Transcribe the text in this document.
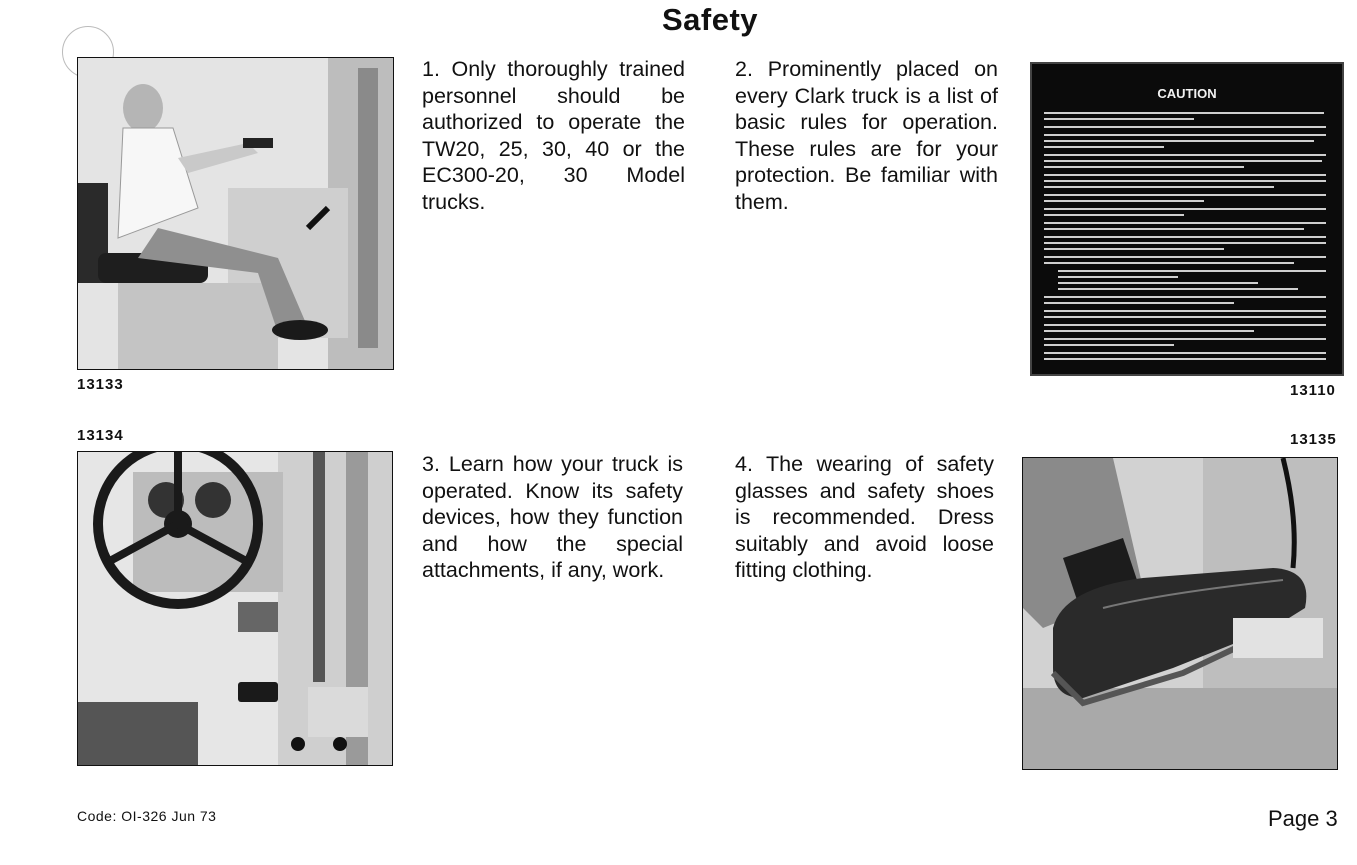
Safety
13133
1. Only thoroughly trained personnel should be authorized to operate the TW20, 25, 30, 40 or the EC300-20, 30 Model trucks.
2. Prominently placed on every Clark truck is a list of basic rules for operation. These rules are for your protection. Be familiar with them.
CAUTION
13110
13134
3. Learn how your truck is operated. Know its safety devices, how they function and how the special attachments, if any, work.
4. The wearing of safety glasses and safety shoes is recommended. Dress suitably and avoid loose fitting clothing.
13135
Code: OI-326 Jun 73	Page 3
